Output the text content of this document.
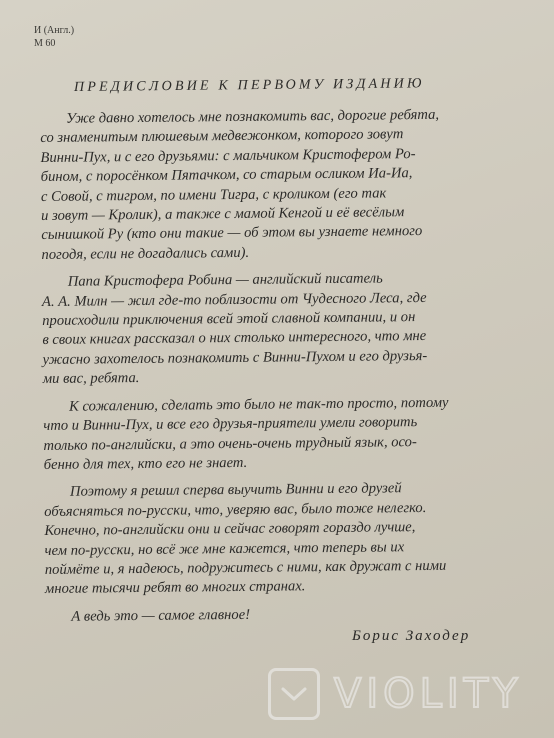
И (Англ.)
М 60
ПРЕДИСЛОВИЕ К ПЕРВОМУ ИЗДАНИЮ
Уже давно хотелось мне познакомить вас, дорогие ребята,
со знаменитым плюшевым медвежонком, которого зовут
Винни-Пух, и с его друзьями: с мальчиком Кристофером Ро-
бином, с поросёнком Пятачком, со старым осликом Иа-Иа,
с Совой, с тигром, по имени Тигра, с кроликом (его так
и зовут — Кролик), а также с мамой Кенгой и её весёлым
сынишкой Ру (кто они такие — об этом вы узнаете немного
погодя, если не догадались сами).
Папа Кристофера Робина — английский писатель
А. А. Милн — жил где-то поблизости от Чудесного Леса, где
происходили приключения всей этой славной компании, и он
в своих книгах рассказал о них столько интересного, что мне
ужасно захотелось познакомить с Винни-Пухом и его друзья-
ми вас, ребята.
К сожалению, сделать это было не так-то просто, потому
что и Винни-Пух, и все его друзья-приятели умели говорить
только по-английски, а это очень-очень трудный язык, осо-
бенно для тех, кто его не знает.
Поэтому я решил сперва выучить Винни и его друзей
объясняться по-русски, что, уверяю вас, было тоже нелегко.
Конечно, по-английски они и сейчас говорят гораздо лучше,
чем по-русски, но всё же мне кажется, что теперь вы их
поймёте и, я надеюсь, подружитесь с ними, как дружат с ними
многие тысячи ребят во многих странах.
А ведь это — самое главное!
Борис Заходер
VIOLITY
